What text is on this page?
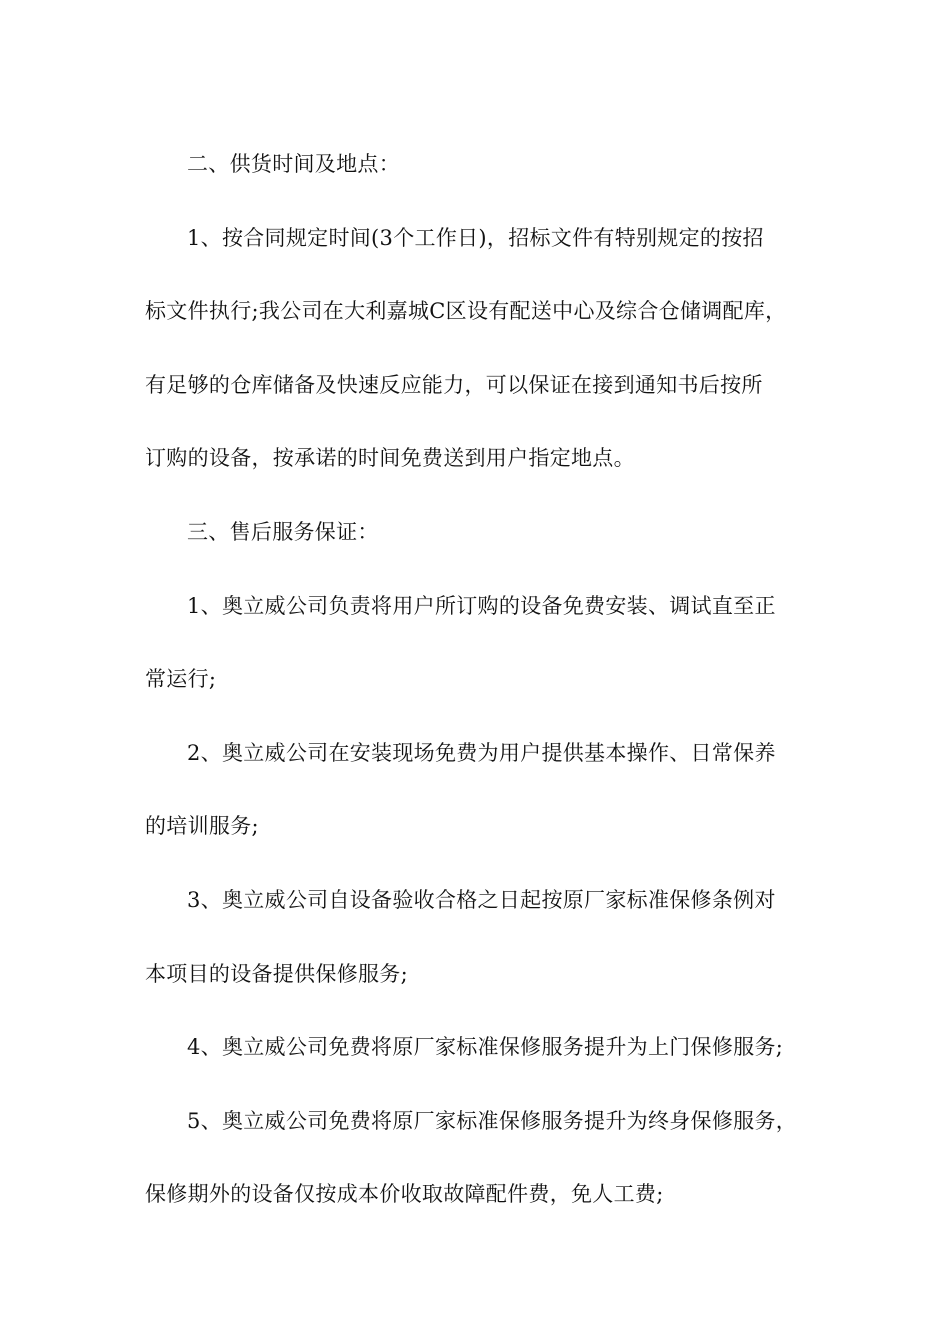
二、供货时间及地点：

1、按合同规定时间(3个工作日)，招标文件有特别规定的按招

标文件执行;我公司在大利嘉城C区设有配送中心及综合仓储调配库，

有足够的仓库储备及快速反应能力，可以保证在接到通知书后按所

订购的设备，按承诺的时间免费送到用户指定地点。

三、售后服务保证：

1、奥立威公司负责将用户所订购的设备免费安装、调试直至正

常运行;

2、奥立威公司在安装现场免费为用户提供基本操作、日常保养

的培训服务;

3、奥立威公司自设备验收合格之日起按原厂家标准保修条例对

本项目的设备提供保修服务;

4、奥立威公司免费将原厂家标准保修服务提升为上门保修服务;

5、奥立威公司免费将原厂家标准保修服务提升为终身保修服务，

保修期外的设备仅按成本价收取故障配件费，免人工费;
